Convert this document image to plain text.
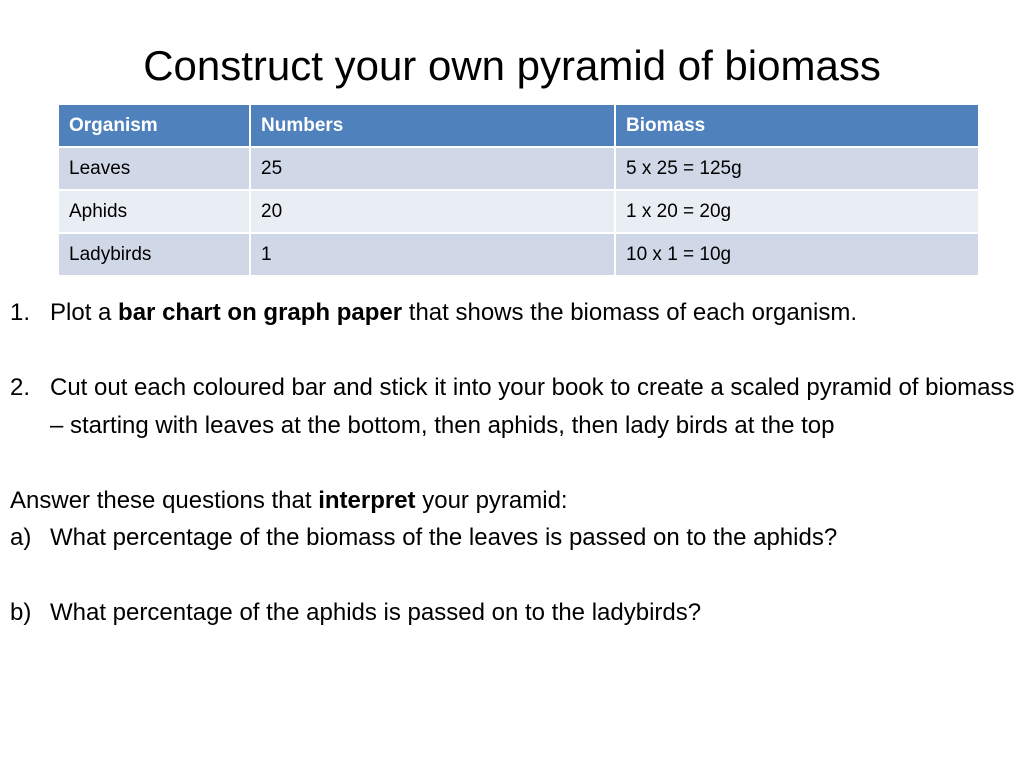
Construct your own pyramid of biomass
Organism	Numbers	Biomass
Leaves	25	5 x 25 = 125g
Aphids	20	1 x 20 = 20g
Ladybirds	1	10 x 1 = 10g
1. Plot a bar chart on graph paper that shows the biomass of each organism.
2. Cut out each coloured bar and stick it into your book to create a scaled pyramid of biomass – starting with leaves at the bottom, then aphids, then lady birds at the top
Answer these questions that interpret your pyramid:
a) What percentage of the biomass of the leaves is passed on to the aphids?
b) What percentage of the aphids is passed on to the ladybirds?
